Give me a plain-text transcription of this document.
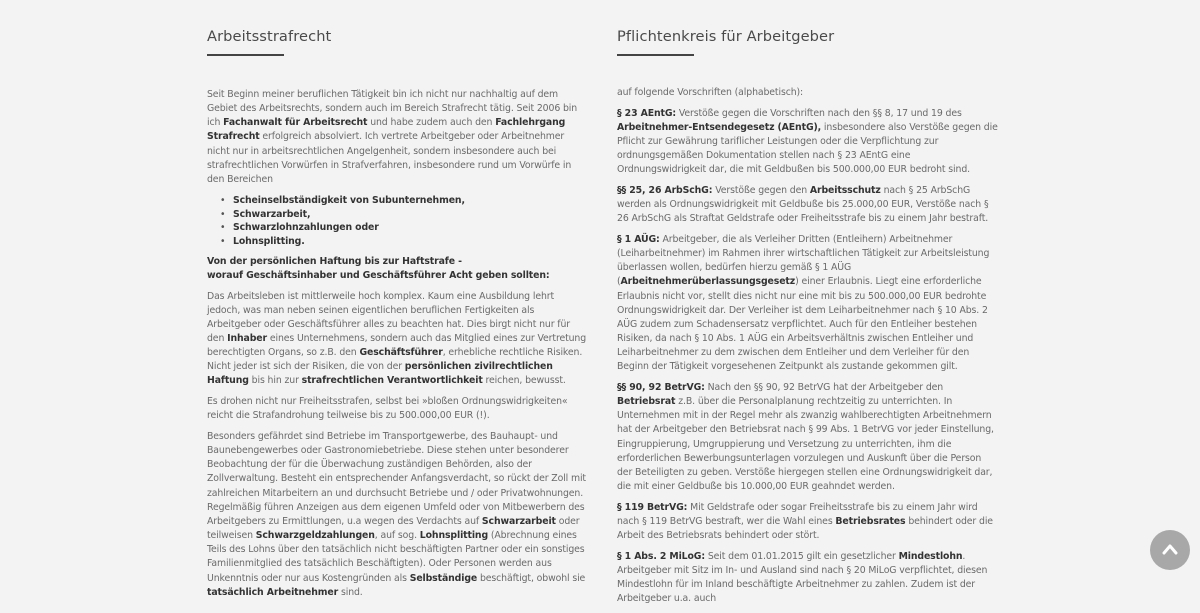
Arbeitsstrafrecht

Seit Beginn meiner beruflichen Tätigkeit bin ich nicht nur nachhaltig auf dem Gebiet des Arbeitsrechts, sondern auch im Bereich Strafrecht tätig. Seit 2006 bin ich Fachanwalt für Arbeitsrecht und habe zudem auch den Fachlehrgang Strafrecht erfolgreich absolviert. Ich vertrete Arbeitgeber oder Arbeitnehmer nicht nur in arbeitsrechtlichen Angelgenheit, sondern insbesondere auch bei strafrechtlichen Vorwürfen in Strafverfahren, insbesondere rund um Vorwürfe in den Bereichen

• Scheinselbständigkeit von Subunternehmen,
• Schwarzarbeit,
• Schwarzlohnzahlungen oder
• Lohnsplitting.
Von der persönlichen Haftung bis zur Haftstrafe -
worauf Geschäftsinhaber und Geschäftsführer Acht geben sollten:

Das Arbeitsleben ist mittlerweile hoch komplex. Kaum eine Ausbildung lehrt jedoch, was man neben seinen eigentlichen beruflichen Fertigkeiten als Arbeitgeber oder Geschäftsführer alles zu beachten hat. Dies birgt nicht nur für den Inhaber eines Unternehmens, sondern auch das Mitglied eines zur Vertretung berechtigten Organs, so z.B. den Geschäftsführer, erhebliche rechtliche Risiken. Nicht jeder ist sich der Risiken, die von der persönlichen zivilrechtlichen Haftung bis hin zur strafrechtlichen Verantwortlichkeit reichen, bewusst.

Es drohen nicht nur Freiheitsstrafen, selbst bei »bloßen Ordnungswidrigkeiten« reicht die Strafandrohung teilweise bis zu 500.000,00 EUR (!).

Besonders gefährdet sind Betriebe im Transportgewerbe, des Bauhaupt- und Baunebengewerbes oder Gastronomiebetriebe. Diese stehen unter besonderer Beobachtung der für die Überwachung zuständigen Behörden, also der Zollverwaltung. Besteht ein entsprechender Anfangsverdacht, so rückt der Zoll mit zahlreichen Mitarbeitern an und durchsucht Betriebe und / oder Privatwohnungen. Regelmäßig führen Anzeigen aus dem eigenen Umfeld oder von Mitbewerbern des Arbeitgebers zu Ermittlungen, u.a wegen des Verdachts auf Schwarzarbeit oder teilweisen Schwarzgeldzahlungen, auf sog. Lohnsplitting (Abrechnung eines Teils des Lohns über den tatsächlich nicht beschäftigten Partner oder ein sonstiges Familienmitglied des tatsächlich Beschäftigten). Oder Personen werden aus Unkenntnis oder nur aus Kostengründen als Selbständige beschäftigt, obwohl sie tatsächlich Arbeitnehmer sind.

Pflichtenkreis für Arbeitgeber

auf folgende Vorschriften (alphabetisch):

§ 23 AEntG: Verstöße gegen die Vorschriften nach den §§ 8, 17 und 19 des Arbeitnehmer-Entsendegesetz (AEntG), insbesondere also Verstöße gegen die Pflicht zur Gewährung tariflicher Leistungen oder die Verpflichtung zur ordnungsgemäßen Dokumentation stellen nach § 23 AEntG eine Ordnungswidrigkeit dar, die mit Geldbußen bis 500.000,00 EUR bedroht sind.

§§ 25, 26 ArbSchG: Verstöße gegen den Arbeitsschutz nach § 25 ArbSchG werden als Ordnungswidrigkeit mit Geldbuße bis 25.000,00 EUR, Verstöße nach § 26 ArbSchG als Straftat Geldstrafe oder Freiheitsstrafe bis zu einem Jahr bestraft.

§ 1 AÜG: Arbeitgeber, die als Verleiher Dritten (Entleihern) Arbeitnehmer (Leiharbeitnehmer) im Rahmen ihrer wirtschaftlichen Tätigkeit zur Arbeitsleistung überlassen wollen, bedürfen hierzu gemäß § 1 AÜG (Arbeitnehmerüberlassungsgesetz) einer Erlaubnis. Liegt eine erforderliche Erlaubnis nicht vor, stellt dies nicht nur eine mit bis zu 500.000,00 EUR bedrohte Ordnungswidrigkeit dar. Der Verleiher ist dem Leiharbeitnehmer nach § 10 Abs. 2 AÜG zudem zum Schadensersatz verpflichtet. Auch für den Entleiher bestehen Risiken, da nach § 10 Abs. 1 AÜG ein Arbeitsverhältnis zwischen Entleiher und Leiharbeitnehmer zu dem zwischen dem Entleiher und dem Verleiher für den Beginn der Tätigkeit vorgesehenen Zeitpunkt als zustande gekommen gilt.

§§ 90, 92 BetrVG: Nach den §§ 90, 92 BetrVG hat der Arbeitgeber den Betriebsrat z.B. über die Personalplanung rechtzeitig zu unterrichten. In Unternehmen mit in der Regel mehr als zwanzig wahlberechtigten Arbeitnehmern hat der Arbeitgeber den Betriebsrat nach § 99 Abs. 1 BetrVG vor jeder Einstellung, Eingruppierung, Umgruppierung und Versetzung zu unterrichten, ihm die erforderlichen Bewerbungsunterlagen vorzulegen und Auskunft über die Person der Beteiligten zu geben. Verstöße hiergegen stellen eine Ordnungswidrigkeit dar, die mit einer Geldbuße bis 10.000,00 EUR geahndet werden.

§ 119 BetrVG: Mit Geldstrafe oder sogar Freiheitsstrafe bis zu einem Jahr wird nach § 119 BetrVG bestraft, wer die Wahl eines Betriebsrates behindert oder die Arbeit des Betriebsrats behindert oder stört.

§ 1 Abs. 2 MiLoG: Seit dem 01.01.2015 gilt ein gesetzlicher Mindestlohn. Arbeitgeber mit Sitz im In- und Ausland sind nach § 20 MiLoG verpflichtet, diesen Mindestlohn für im Inland beschäftigte Arbeitnehmer zu zahlen. Zudem ist der Arbeitgeber u.a. auch
